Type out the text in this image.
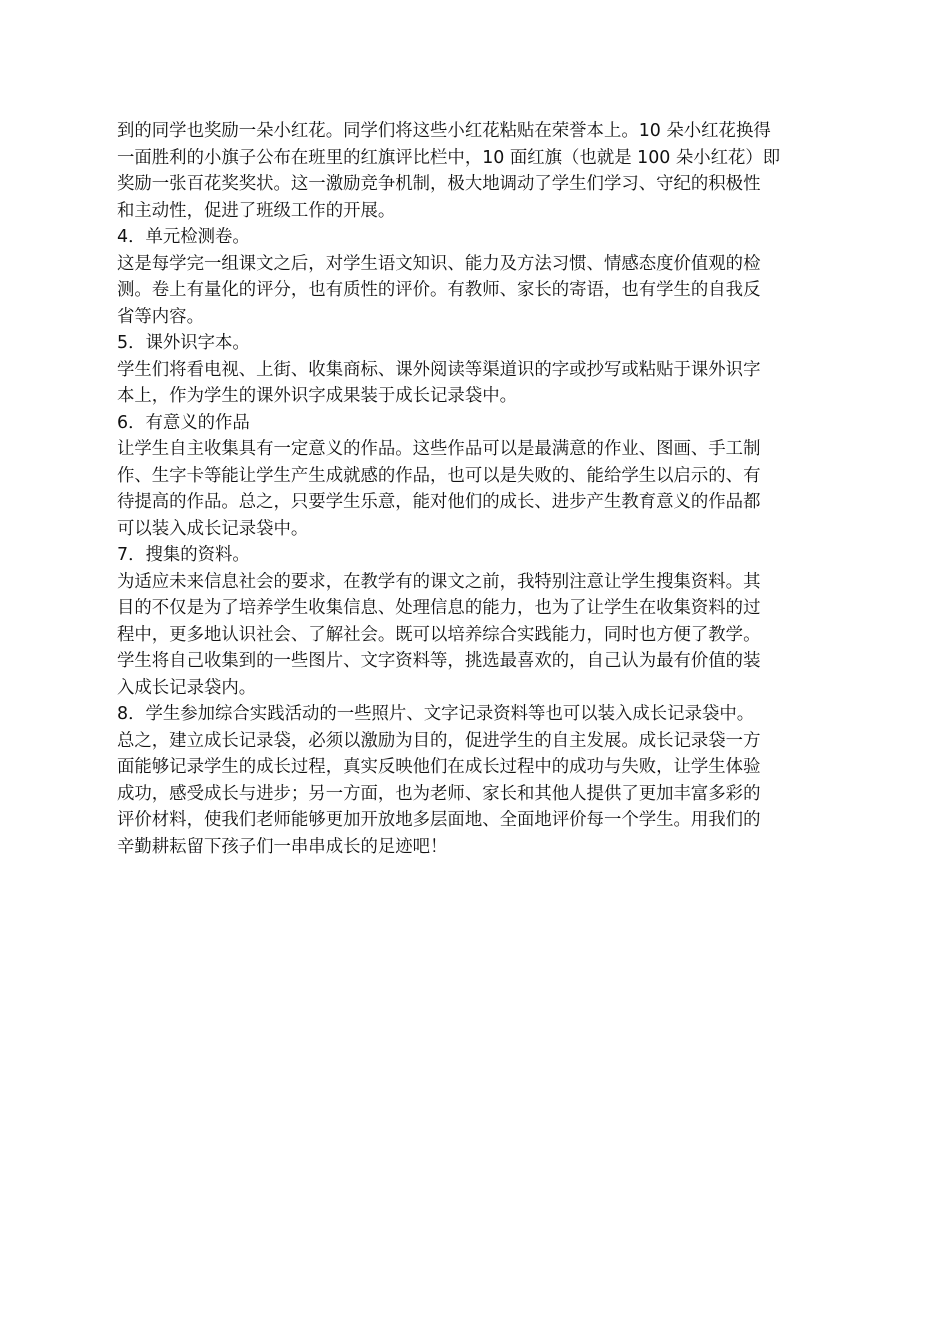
到的同学也奖励一朵小红花。同学们将这些小红花粘贴在荣誉本上。10 朵小红花换得
一面胜利的小旗子公布在班里的红旗评比栏中，10 面红旗（也就是 100 朵小红花）即
奖励一张百花奖奖状。这一激励竞争机制，极大地调动了学生们学习、守纪的积极性
和主动性，促进了班级工作的开展。
4．单元检测卷。
这是每学完一组课文之后，对学生语文知识、能力及方法习惯、情感态度价值观的检
测。卷上有量化的评分，也有质性的评价。有教师、家长的寄语，也有学生的自我反
省等内容。
5．课外识字本。
学生们将看电视、上街、收集商标、课外阅读等渠道识的字或抄写或粘贴于课外识字
本上，作为学生的课外识字成果装于成长记录袋中。
6．有意义的作品
让学生自主收集具有一定意义的作品。这些作品可以是最满意的作业、图画、手工制
作、生字卡等能让学生产生成就感的作品，也可以是失败的、能给学生以启示的、有
待提高的作品。总之，只要学生乐意，能对他们的成长、进步产生教育意义的作品都
可以装入成长记录袋中。
7．搜集的资料。
为适应未来信息社会的要求，在教学有的课文之前，我特别注意让学生搜集资料。其
目的不仅是为了培养学生收集信息、处理信息的能力，也为了让学生在收集资料的过
程中，更多地认识社会、了解社会。既可以培养综合实践能力，同时也方便了教学。
学生将自己收集到的一些图片、文字资料等，挑选最喜欢的，自己认为最有价值的装
入成长记录袋内。
8．学生参加综合实践活动的一些照片、文字记录资料等也可以装入成长记录袋中。
总之，建立成长记录袋，必须以激励为目的，促进学生的自主发展。成长记录袋一方
面能够记录学生的成长过程，真实反映他们在成长过程中的成功与失败，让学生体验
成功，感受成长与进步；另一方面，也为老师、家长和其他人提供了更加丰富多彩的
评价材料，使我们老师能够更加开放地多层面地、全面地评价每一个学生。用我们的
辛勤耕耘留下孩子们一串串成长的足迹吧！
